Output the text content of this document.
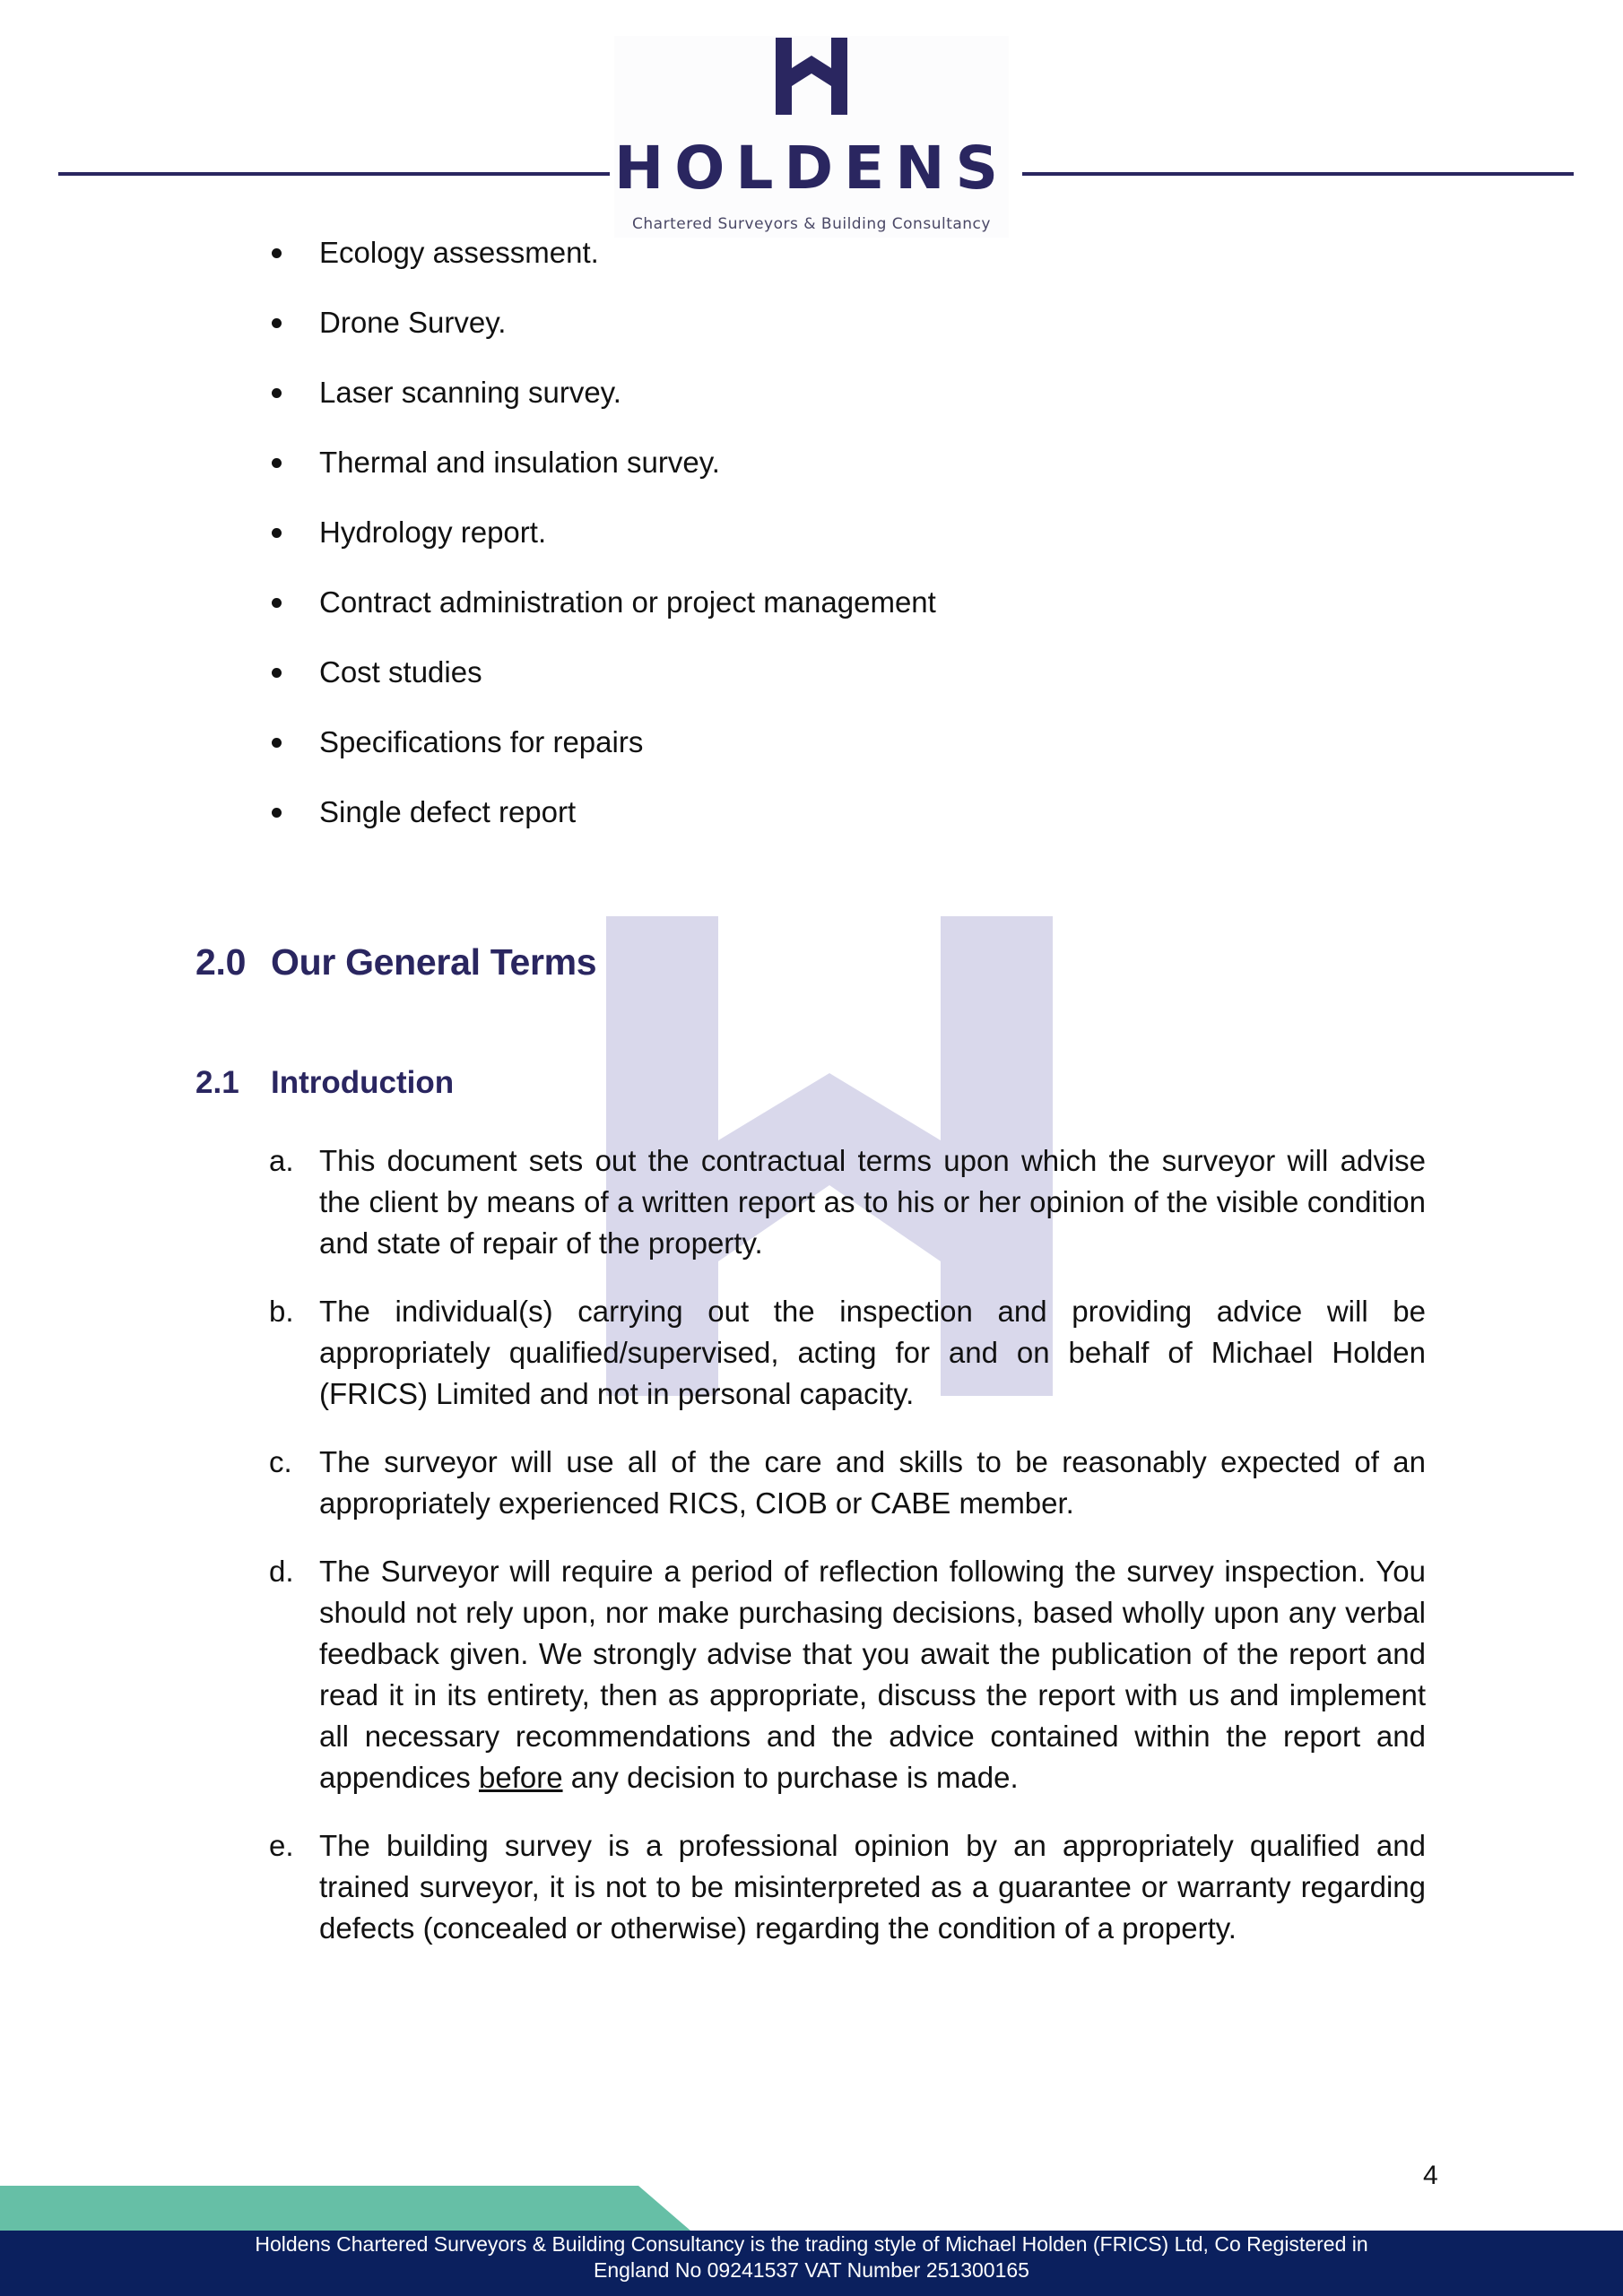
HOLDENS
Chartered Surveyors & Building Consultancy
Ecology assessment.
Drone Survey.
Laser scanning survey.
Thermal and insulation survey.
Hydrology report.
Contract administration or project management
Cost studies
Specifications for repairs
Single defect report
2.0 Our General Terms
2.1 Introduction
a. This document sets out the contractual terms upon which the surveyor will advise the client by means of a written report as to his or her opinion of the visible condition and state of repair of the property.
b. The individual(s) carrying out the inspection and providing advice will be appropriately qualified/supervised, acting for and on behalf of Michael Holden (FRICS) Limited and not in personal capacity.
c. The surveyor will use all of the care and skills to be reasonably expected of an appropriately experienced RICS, CIOB or CABE member.
d. The Surveyor will require a period of reflection following the survey inspection. You should not rely upon, nor make purchasing decisions, based wholly upon any verbal feedback given. We strongly advise that you await the publication of the report and read it in its entirety, then as appropriate, discuss the report with us and implement all necessary recommendations and the advice contained within the report and appendices before any decision to purchase is made.
e. The building survey is a professional opinion by an appropriately qualified and trained surveyor, it is not to be misinterpreted as a guarantee or warranty regarding defects (concealed or otherwise) regarding the condition of a property.
4
Holdens Chartered Surveyors & Building Consultancy is the trading style of Michael Holden (FRICS) Ltd, Co Registered in
England No 09241537 VAT Number 251300165
